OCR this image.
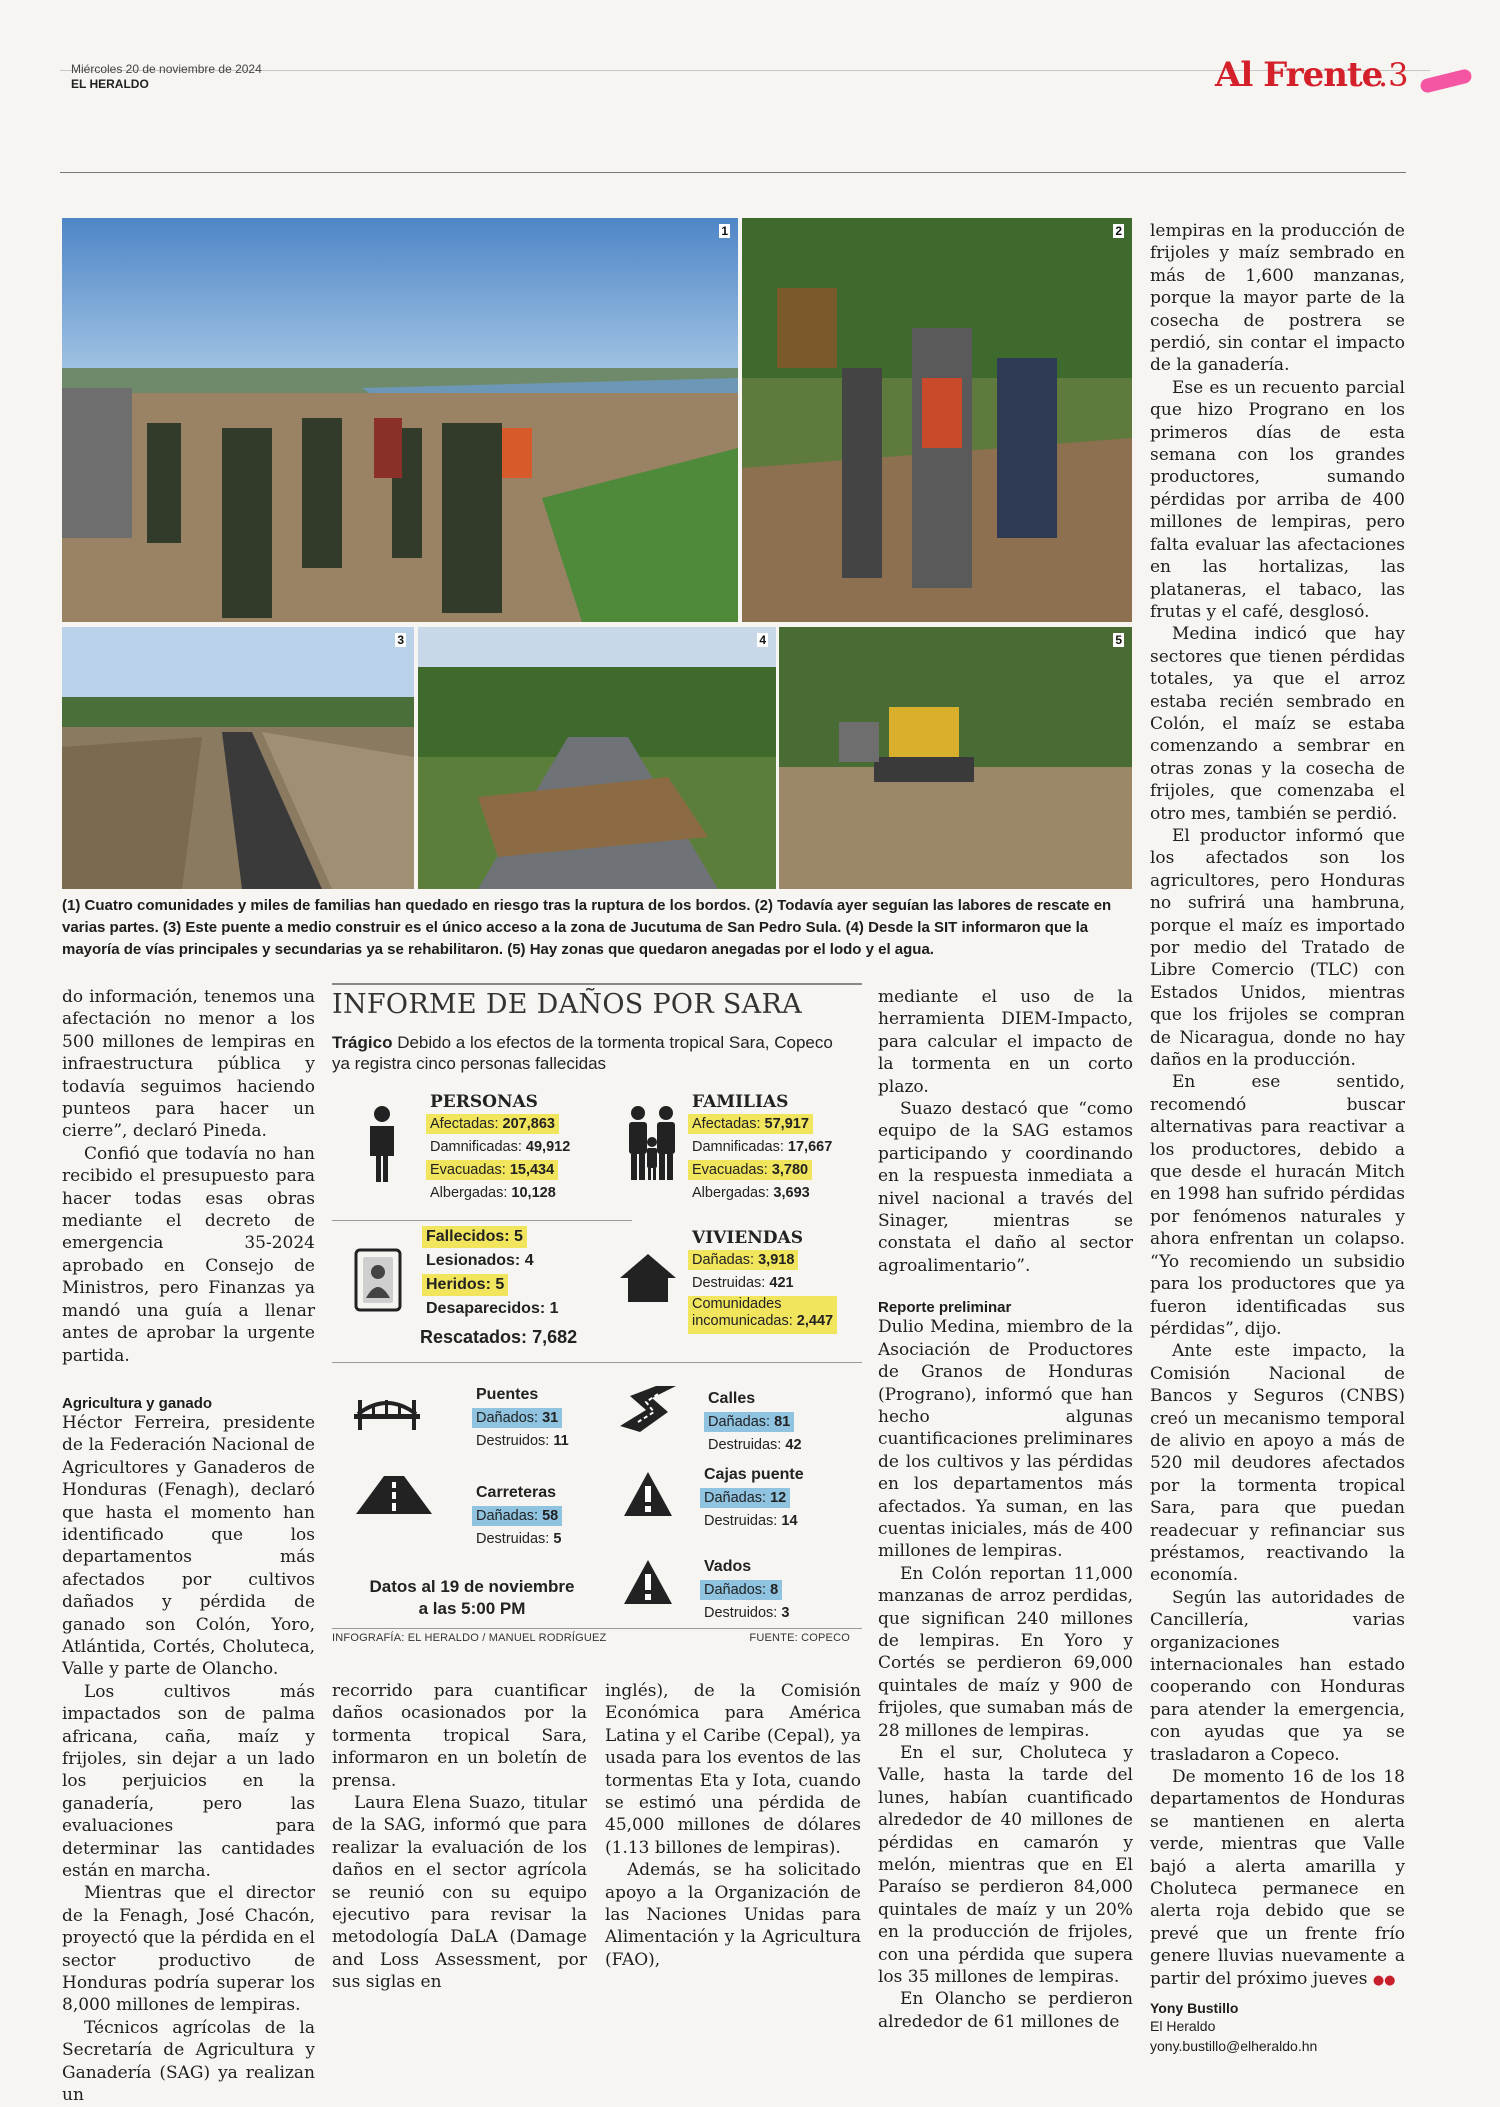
Miércoles 20 de noviembre de 2024
EL HERALDO	Al Frente
.3
1	2
3	4	5
(1) Cuatro comunidades y miles de familias han quedado en riesgo tras la ruptura de los bordos. (2) Todavía ayer seguían las labores de rescate en varias partes. (3) Este puente a medio construir es el único acceso a la zona de Jucutuma de San Pedro Sula. (4) Desde la SIT informaron que la mayoría de vías principales y secundarias ya se rehabilitaron. (5) Hay zonas que quedaron anegadas por el lodo y el agua.

do información, tenemos una afectación no menor a los 500 millones de lempiras en infraestructura pública y todavía seguimos haciendo punteos para hacer un cierre”, declaró Pineda.

Confió que todavía no han recibido el presupuesto para hacer todas esas obras mediante el decreto de emergencia 35-2024 aprobado en Consejo de Ministros, pero Finanzas ya mandó una guía a llenar antes de aprobar la urgente partida.

Agricultura y ganado

Héctor Ferreira, presidente de la Federación Nacional de Agricultores y Ganaderos de Honduras (Fenagh), declaró que hasta el momento han identificado que los departamentos más afectados por cultivos dañados y pérdida de ganado son Colón, Yoro, Atlántida, Cortés, Choluteca, Valle y parte de Olancho.

Los cultivos más impactados son de palma africana, caña, maíz y frijoles, sin dejar a un lado los perjuicios en la ganadería, pero las evaluaciones para determinar las cantidades están en marcha.

Mientras que el director de la Fenagh, José Chacón, proyectó que la pérdida en el sector productivo de Honduras podría superar los 8,000 millones de lempiras.

Técnicos agrícolas de la Secretaría de Agricultura y Ganadería (SAG) ya realizan un

recorrido para cuantificar daños ocasionados por la tormenta tropical Sara, informaron en un boletín de prensa.

Laura Elena Suazo, titular de la SAG, informó que para realizar la evaluación de los daños en el sector agrícola se reunió con su equipo ejecutivo para revisar la metodología DaLA (Damage and Loss Assessment, por sus siglas en

inglés), de la Comisión Económica para América Latina y el Caribe (Cepal), ya usada para los eventos de las tormentas Eta y Iota, cuando se estimó una pérdida de 45,000 millones de dólares (1.13 billones de lempiras).

Además, se ha solicitado apoyo a la Organización de las Naciones Unidas para Alimentación y la Agricultura (FAO),

mediante el uso de la herramienta DIEM-Impacto, para calcular el impacto de la tormenta en un corto plazo.

Suazo destacó que “como equipo de la SAG estamos participando y coordinando en la respuesta inmediata a nivel nacional a través del Sinager, mientras se constata el daño al sector agroalimentario”.

Reporte preliminar

Dulio Medina, miembro de la Asociación de Productores de Granos de Honduras (Prograno), informó que han hecho algunas cuantificaciones preliminares de los cultivos y las pérdidas en los departamentos más afectados. Ya suman, en las cuentas iniciales, más de 400 millones de lempiras.

En Colón reportan 11,000 manzanas de arroz perdidas, que significan 240 millones de lempiras. En Yoro y Cortés se perdieron 69,000 quintales de maíz y 900 de frijoles, que sumaban más de 28 millones de lempiras.

En el sur, Choluteca y Valle, hasta la tarde del lunes, habían cuantificado alrededor de 40 millones de pérdidas en camarón y melón, mientras que en El Paraíso se perdieron 84,000 quintales de maíz y un 20% en la producción de frijoles, con una pérdida que supera los 35 millones de lempiras.

En Olancho se perdieron alrededor de 61 millones de

lempiras en la producción de frijoles y maíz sembrado en más de 1,600 manzanas, porque la mayor parte de la cosecha de postrera se perdió, sin contar el impacto de la ganadería.

Ese es un recuento parcial que hizo Prograno en los primeros días de esta semana con los grandes productores, sumando pérdidas por arriba de 400 millones de lempiras, pero falta evaluar las afectaciones en las hortalizas, las plataneras, el tabaco, las frutas y el café, desglosó.

Medina indicó que hay sectores que tienen pérdidas totales, ya que el arroz estaba recién sembrado en Colón, el maíz se estaba comenzando a sembrar en otras zonas y la cosecha de frijoles, que comenzaba el otro mes, también se perdió.

El productor informó que los afectados son los agricultores, pero Honduras no sufrirá una hambruna, porque el maíz es importado por medio del Tratado de Libre Comercio (TLC) con Estados Unidos, mientras que los frijoles se compran de Nicaragua, donde no hay daños en la producción.

En ese sentido, recomendó buscar alternativas para reactivar a los productores, debido a que desde el huracán Mitch en 1998 han sufrido pérdidas por fenómenos naturales y ahora enfrentan un colapso. “Yo recomiendo un subsidio para los productores que ya fueron identificadas sus pérdidas”, dijo.

Ante este impacto, la Comisión Nacional de Bancos y Seguros (CNBS) creó un mecanismo temporal de alivio en apoyo a más de 520 mil deudores afectados por la tormenta tropical Sara, para que puedan readecuar y refinanciar sus préstamos, reactivando la economía.

Según las autoridades de Cancillería, varias organizaciones internacionales han estado cooperando con Honduras para atender la emergencia, con ayudas que ya se trasladaron a Copeco.

De momento 16 de los 18 departamentos de Honduras se mantienen en alerta verde, mientras que Valle bajó a alerta amarilla y Choluteca permanece en alerta roja debido que se prevé que un frente frío genere lluvias nuevamente a partir del próximo jueves ●●

Yony Bustillo

El Heraldo

yony.bustillo@elheraldo.hn

INFORME DE DAÑOS POR SARA
Trágico Debido a los efectos de la tormenta tropical Sara, Copeco ya registra cinco personas fallecidas
PERSONAS
Afectadas: 207,863
Damnificadas: 49,912
Evacuadas: 15,434
Albergadas: 10,128
FAMILIAS
Afectadas: 57,917
Damnificadas: 17,667
Evacuadas: 3,780
Albergadas: 3,693
Fallecidos: 5
Lesionados: 4
Heridos: 5
Desaparecidos: 1
Rescatados: 7,682
VIVIENDAS
Dañadas: 3,918
Destruidas: 421
Comunidades
incomunicadas: 2,447
Puentes
Dañados: 31
Destruidos: 11
Calles
Dañadas: 81
Destruidas: 42
Cajas puente
Dañadas: 12
Destruidas: 14
Carreteras
Dañadas: 58
Destruidas: 5
Vados
Dañados: 8
Destruidos: 3
Datos al 19 de noviembre
a las 5:00 PM
INFOGRAFÍA: EL HERALDO / MANUEL RODRÍGUEZ	FUENTE: COPECO
